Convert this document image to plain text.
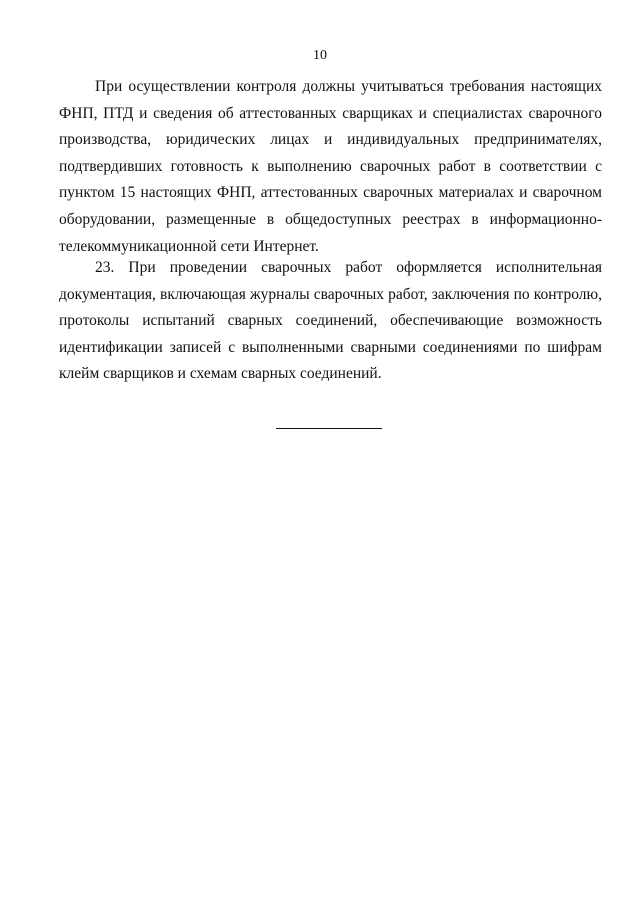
10

При осуществлении контроля должны учитываться требования настоящих ФНП, ПТД и сведения об аттестованных сварщиках и специалистах сварочного производства, юридических лицах и индивидуальных предпринимателях, подтвердивших готовность к выполнению сварочных работ в соответствии с пунктом 15 настоящих ФНП, аттестованных сварочных материалах и сварочном оборудовании, размещенные в общедоступных реестрах в информационно-телекоммуникационной сети Интернет.

23. При проведении сварочных работ оформляется исполнительная документация, включающая журналы сварочных работ, заключения по контролю, протоколы испытаний сварных соединений, обеспечивающие возможность идентификации записей с выполненными сварными соединениями по шифрам клейм сварщиков и схемам сварных соединений.
